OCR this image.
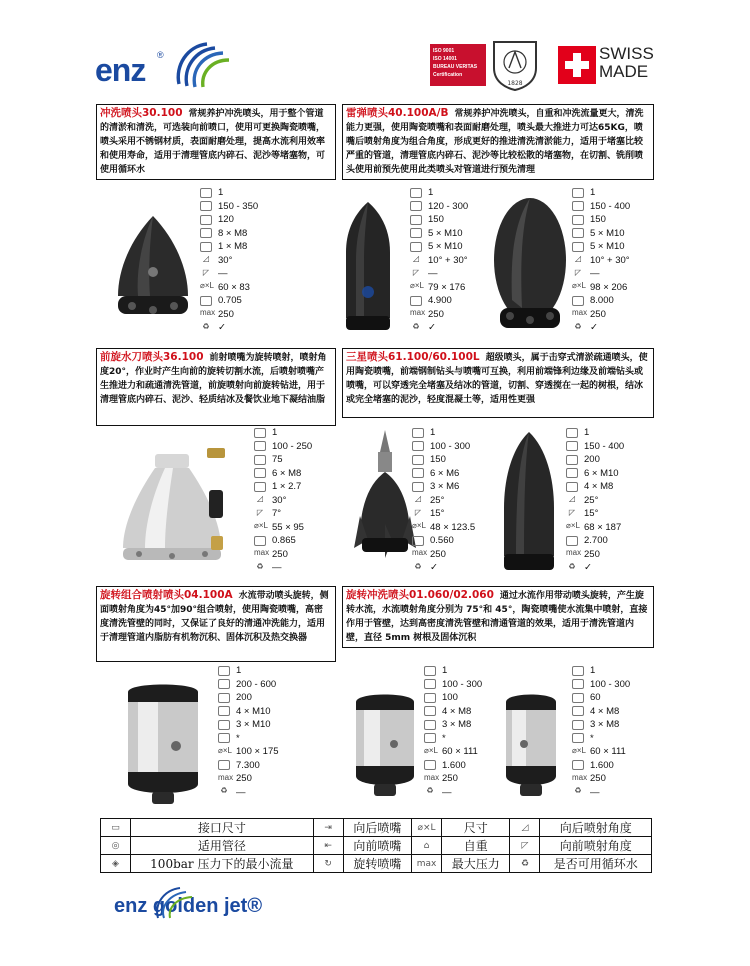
enz ®	ISO 9001
ISO 14001
BUREAU VERITAS
Certification
1828
SWISS
MADE
冲洗喷头30.100 常规养护冲洗喷头，用于整个管道的清淤和清洗，可选装向前喷口，使用可更换陶瓷喷嘴，喷头采用不锈钢材质，表面耐磨处理，提高水流利用效率和使用寿命，适用于清理管底内碎石、泥沙等堵塞物，可使用循环水
雷弹喷头40.100A/B 常规养护冲洗喷头，自重和冲洗流量更大，清洗能力更强，使用陶瓷喷嘴和表面耐磨处理，喷头最大推进力可达65KG，喷嘴后喷射角度为组合角度，形成更好的推进清洗清淤能力，适用于堵塞比较严重的管道，清理管底内碎石、泥沙等比较松散的堵塞物，在切割、铣削喷头使用前预先使用此类喷头对管道进行预先清理
前旋水刀喷头36.100 前射喷嘴为旋转喷射，喷射角度20°，作业时产生向前的旋转切割水流，后喷射喷嘴产生推进力和疏通清洗管道，前旋喷射向前旋转钻进，用于清理管底内碎石、泥沙、轻质结冰及餐饮业地下凝结油脂
三星喷头61.100/60.100L 超级喷头，属于击穿式清淤疏通喷头，使用陶瓷喷嘴，前端钢制钻头与喷嘴可互换，利用前端锋利边缘及前端钻头或喷嘴，可以穿透完全堵塞及结冰的管道，切割、穿透搅在一起的树根，结冰或完全堵塞的泥沙，轻度混凝土等，适用性更强
旋转组合喷射喷头04.100A 水流带动喷头旋转，侧面喷射角度为45°加90°组合喷射，使用陶瓷喷嘴，高密度清洗管壁的同时，又保证了良好的清通冲洗能力，适用于清理管道内脂肪有机物沉积、固体沉积及热交换器
旋转冲洗喷头01.060/02.060 通过水流作用带动喷头旋转，产生旋转水流，水流喷射角度分别为 75°和 45°，陶瓷喷嘴使水流集中喷射，直接作用于管壁，达到高密度清洗管壁和清通管道的效果，适用于清洗管道内壁，直径 5mm 树根及固体沉积
1
150 - 350
120
8 × M8
1 × M8
◿ 30°
◸ —
⌀×L 60 × 83
0.705
max 250
♻ ✓
1
120 - 300
150
5 × M10
5 × M10
◿ 10° + 30°
◸ —
⌀×L 79 × 176
4.900
max 250
♻ ✓
1
150 - 400
150
5 × M10
5 × M10
◿ 10° + 30°
◸ —
⌀×L 98 × 206
8.000
max 250
♻ ✓
1
100 - 250
75
6 × M8
1 × 2.7
◿ 30°
◸ 7°
⌀×L 55 × 95
0.865
max 250
♻ —
1
100 - 300
150
6 × M6
3 × M6
◿ 25°
◸ 15°
⌀×L 48 × 123.5
0.560
max 250
♻ ✓
1
150 - 400
200
6 × M10
4 × M8
◿ 25°
◸ 15°
⌀×L 68 × 187
2.700
max 250
♻ ✓
1
200 - 600
200
4 × M10
3 × M10
*
⌀×L 100 × 175
7.300
max 250
♻ —
1
100 - 300
100
4 × M8
3 × M8
*
⌀×L 60 × 111
1.600
max 250
♻ —
1
100 - 300
60
4 × M8
3 × M8
*
⌀×L 60 × 111
1.600
max 250
♻ —
▭	接口尺寸	⇥	向后喷嘴	⌀×L	尺寸	◿	向后喷射角度
◎	适用管径	⇤	向前喷嘴	⌂	自重	◸	向前喷射角度
◈	100bar 压力下的最小流量	↻	旋转喷嘴	max	最大压力	♻	是否可用循环水
enz golden jet®
